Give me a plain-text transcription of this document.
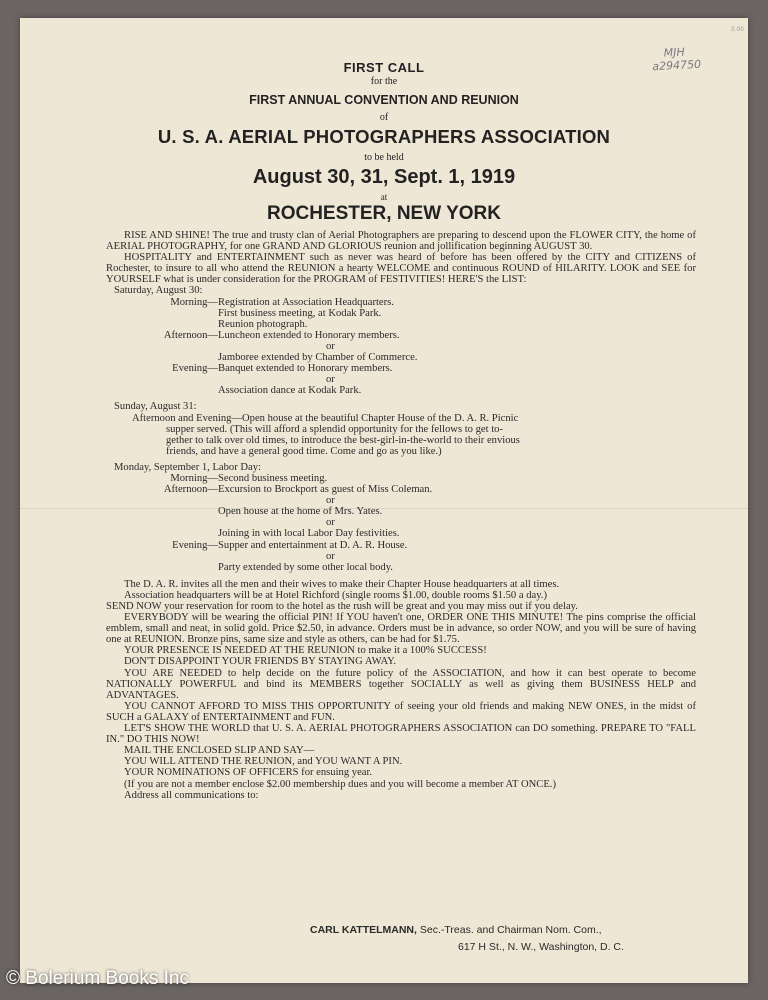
MJH
a294750
3.00
FIRST CALL
for the
FIRST ANNUAL CONVENTION AND REUNION
of
U. S. A. AERIAL PHOTOGRAPHERS ASSOCIATION
to be held
August 30, 31, Sept. 1, 1919
at
ROCHESTER, NEW YORK

RISE AND SHINE! The true and trusty clan of Aerial Photographers are preparing to descend upon the FLOWER CITY, the home of AERIAL PHOTOGRAPHY, for one GRAND AND GLORIOUS reunion and jollification beginning AUGUST 30.

HOSPITALITY and ENTERTAINMENT such as never was heard of before has been offered by the CITY and CITIZENS of Rochester, to insure to all who attend the REUNION a hearty WELCOME and continuous ROUND of HILARITY. LOOK and SEE for YOURSELF what is under consideration for the PROGRAM of FESTIVITIES! HERE'S the LIST:

Saturday, August 30:
Morning— Registration at Association Headquarters.
First business meeting, at Kodak Park.
Reunion photograph.
Afternoon— Luncheon extended to Honorary members.
or
Jamboree extended by Chamber of Commerce.
Evening— Banquet extended to Honorary members.
or
Association dance at Kodak Park.
Sunday, August 31:
Afternoon and Evening—Open house at the beautiful Chapter House of the D. A. R. Picnic
supper served. (This will afford a splendid opportunity for the fellows to get to-
gether to talk over old times, to introduce the best-girl-in-the-world to their envious
friends, and have a general good time. Come and go as you like.)
Monday, September 1, Labor Day:
Morning— Second business meeting.
Afternoon— Excursion to Brockport as guest of Miss Coleman.
or
Open house at the home of Mrs. Yates.
or
Joining in with local Labor Day festivities.
Evening— Supper and entertainment at D. A. R. House.
or
Party extended by some other local body.

The D. A. R. invites all the men and their wives to make their Chapter House headquarters at all times.

Association headquarters will be at Hotel Richford (single rooms $1.00, double rooms $1.50 a day.)

SEND NOW your reservation for room to the hotel as the rush will be great and you may miss out if you delay.

EVERYBODY will be wearing the official PIN! If YOU haven't one, ORDER ONE THIS MINUTE! The pins comprise the official emblem, small and neat, in solid gold. Price $2.50, in advance. Orders must be in advance, so order NOW, and you will be sure of having one at REUNION. Bronze pins, same size and style as others, can be had for $1.75.

YOUR PRESENCE IS NEEDED AT THE REUNION to make it a 100% SUCCESS!

DON'T DISAPPOINT YOUR FRIENDS BY STAYING AWAY.

YOU ARE NEEDED to help decide on the future policy of the ASSOCIATION, and how it can best operate to become NATIONALLY POWERFUL and bind its MEMBERS together SOCIALLY as well as giving them BUSINESS HELP and ADVANTAGES.

YOU CANNOT AFFORD TO MISS THIS OPPORTUNITY of seeing your old friends and making NEW ONES, in the midst of SUCH a GALAXY of ENTERTAINMENT and FUN.

LET'S SHOW THE WORLD that U. S. A. AERIAL PHOTOGRAPHERS ASSOCIATION can DO something. PREPARE TO "FALL IN." DO THIS NOW!

MAIL THE ENCLOSED SLIP AND SAY—

YOU WILL ATTEND THE REUNION, and YOU WANT A PIN.

YOUR NOMINATIONS OF OFFICERS for ensuing year.

(If you are not a member enclose $2.00 membership dues and you will become a member AT ONCE.)

Address all communications to:

CARL KATTELMANN, Sec.-Treas. and Chairman Nom. Com.,
617 H St., N. W., Washington, D. C.
© Bolerium Books Inc
